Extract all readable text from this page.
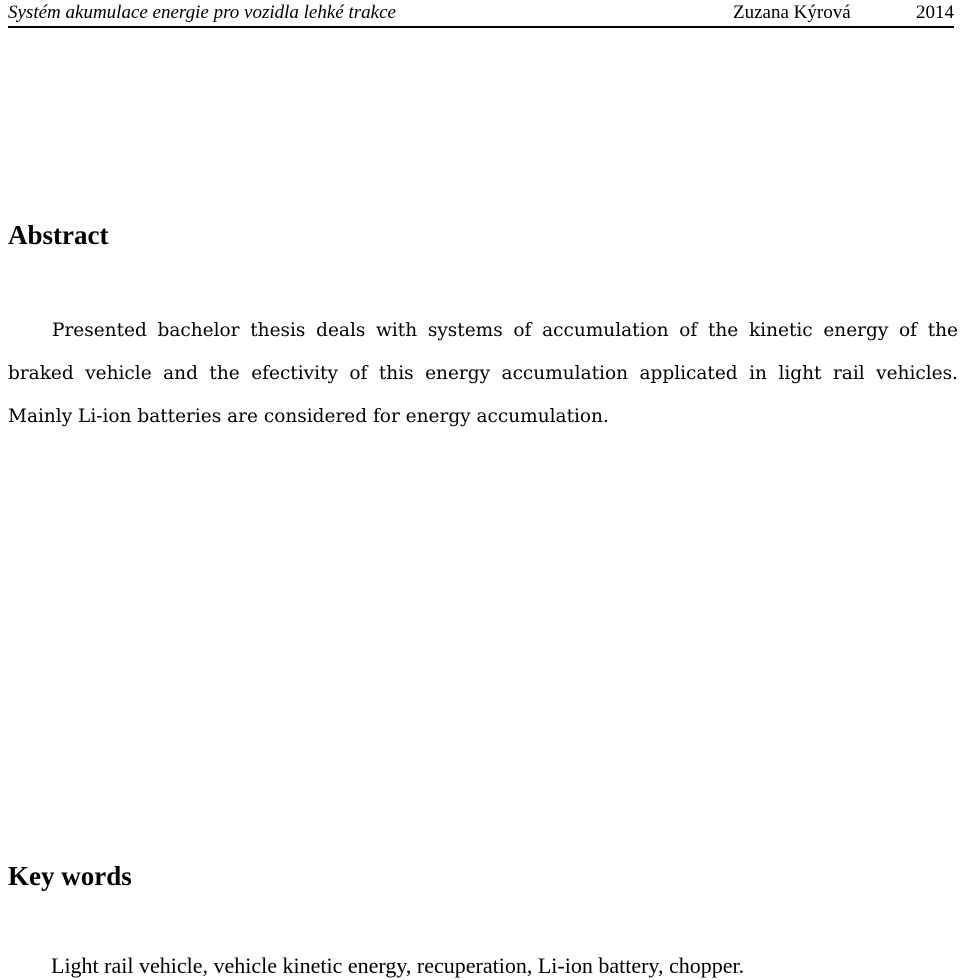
Systém akumulace energie pro vozidla lehké trakce	Zuzana Kýrová	2014
Abstract
Presented bachelor thesis deals with systems of accumulation of the kinetic energy of the
braked vehicle and the efectivity of this energy accumulation applicated in light rail vehicles.
Mainly Li-ion batteries are considered for energy accumulation.
Key words
Light rail vehicle, vehicle kinetic energy, recuperation, Li-ion battery, chopper.
